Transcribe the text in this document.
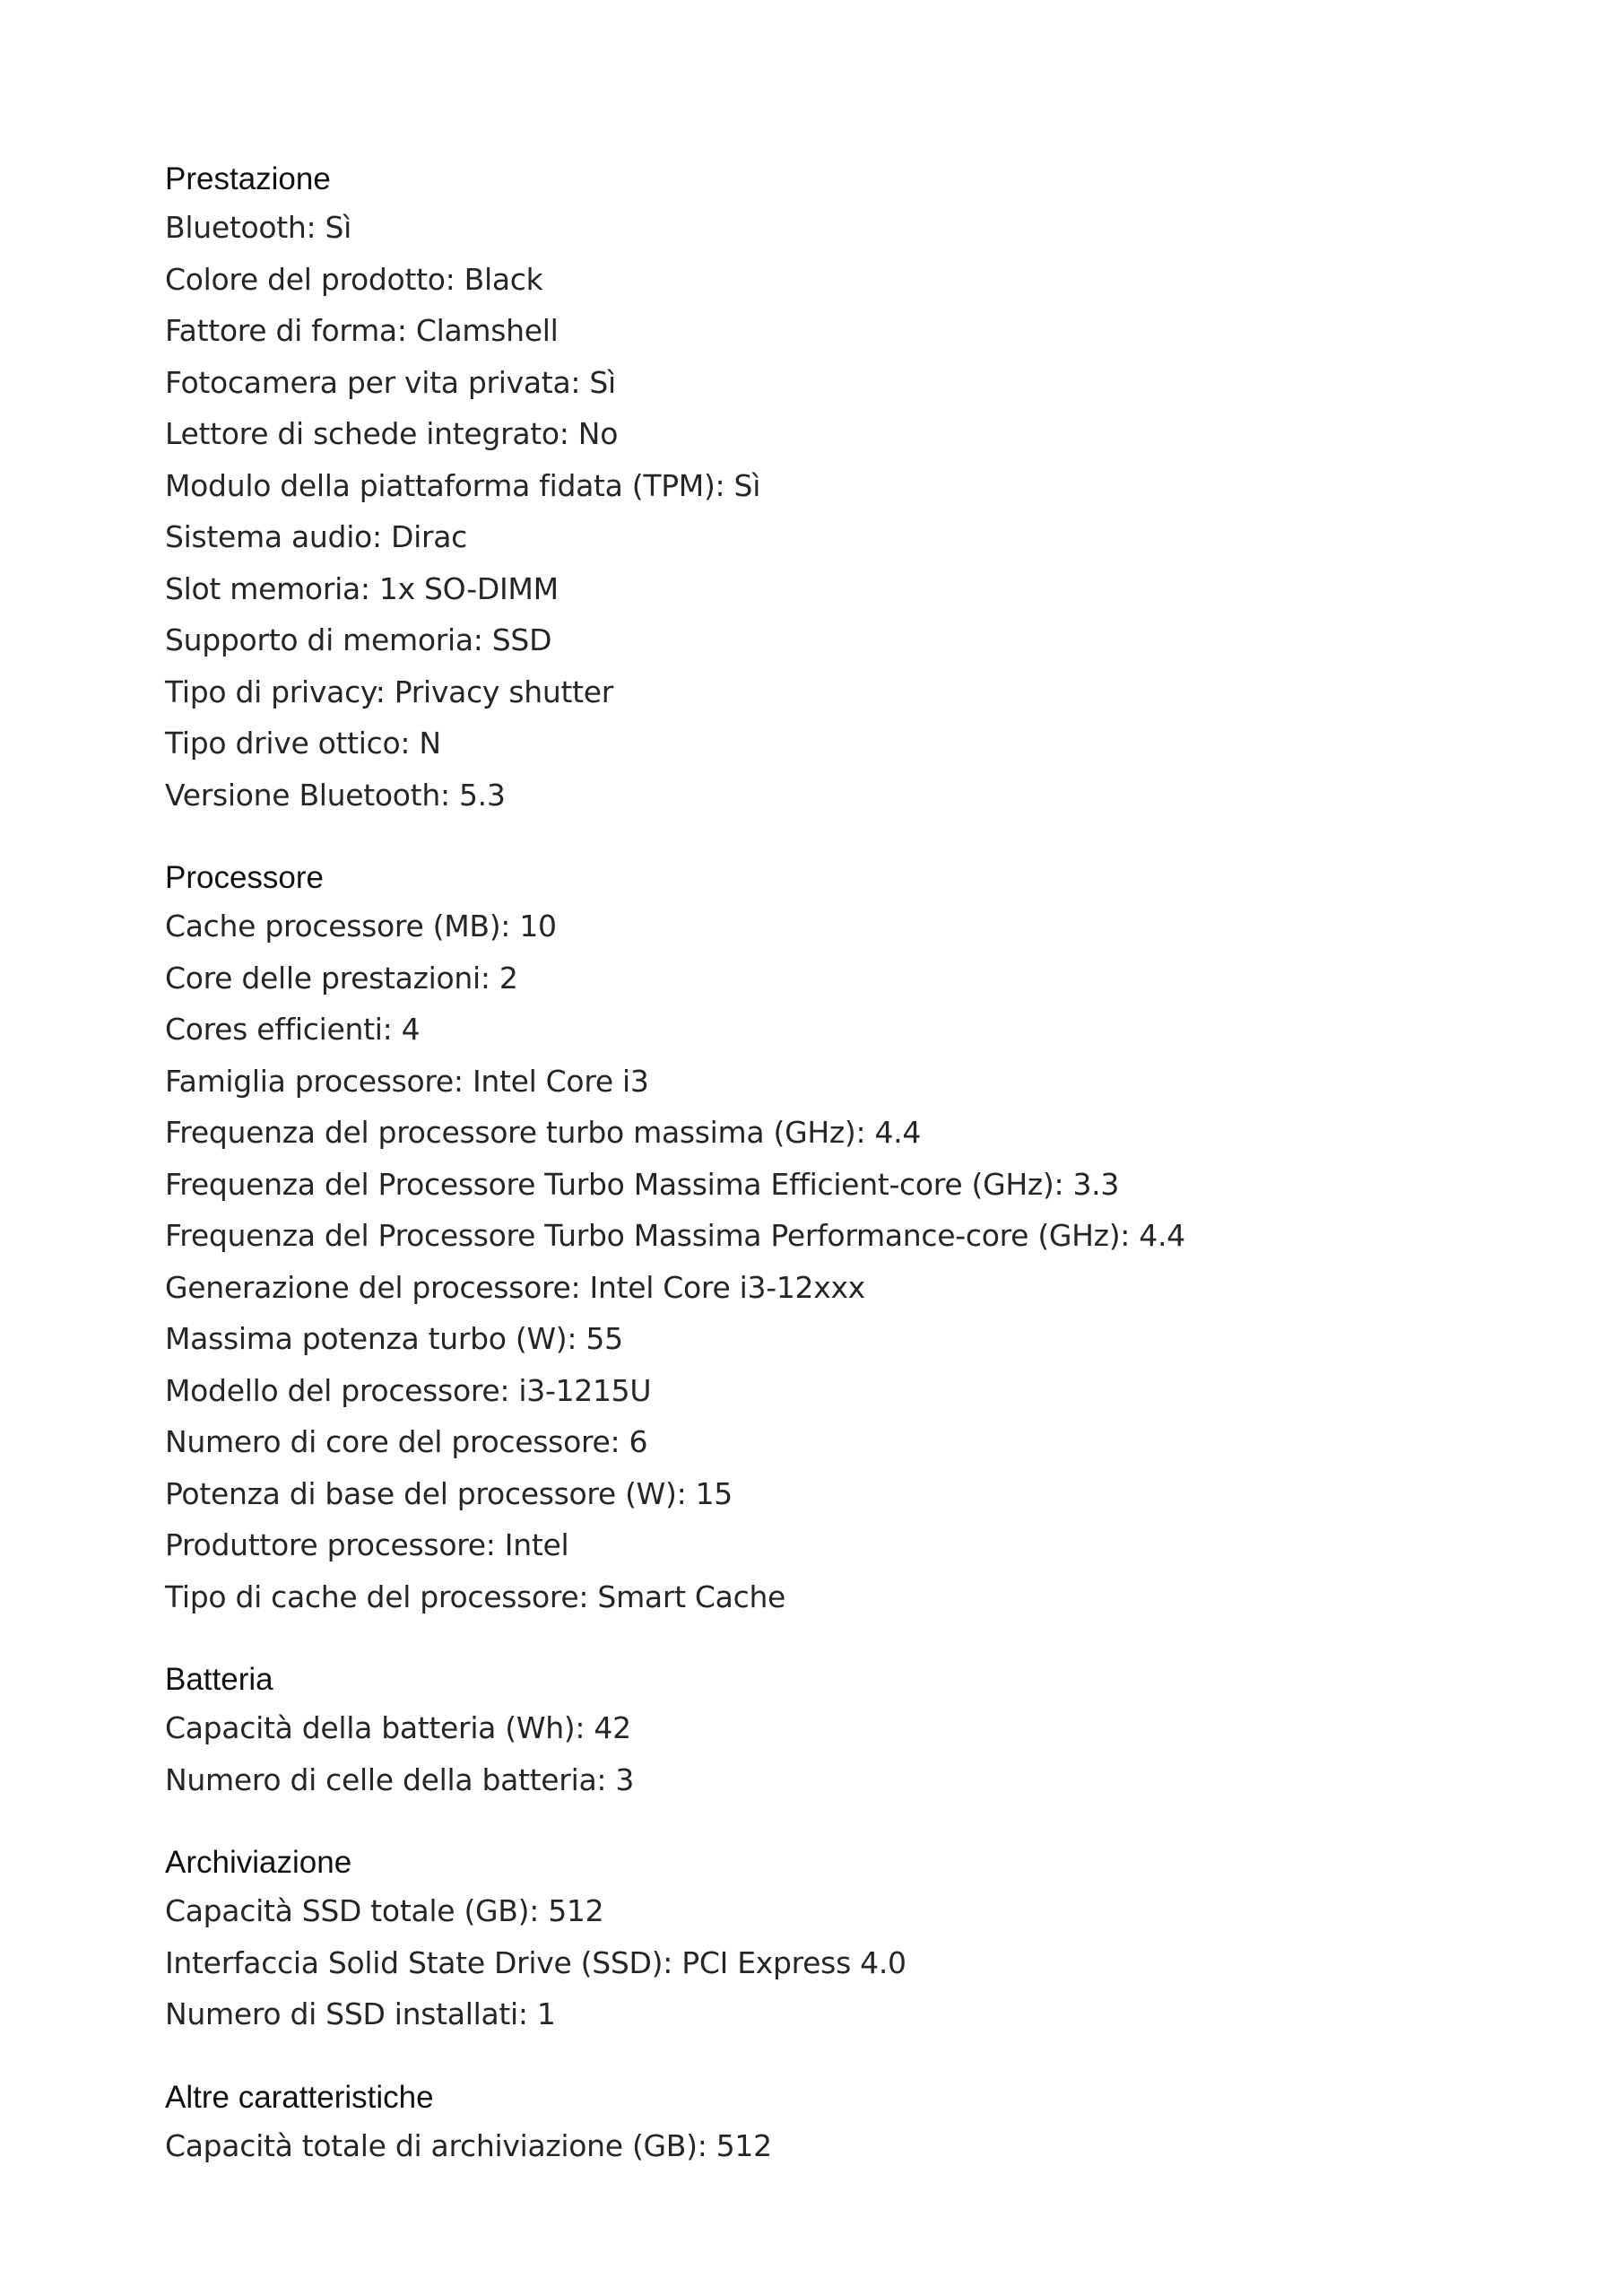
Prestazione
Bluetooth: Sì
Colore del prodotto: Black
Fattore di forma: Clamshell
Fotocamera per vita privata: Sì
Lettore di schede integrato: No
Modulo della piattaforma fidata (TPM): Sì
Sistema audio: Dirac
Slot memoria: 1x SO-DIMM
Supporto di memoria: SSD
Tipo di privacy: Privacy shutter
Tipo drive ottico: N
Versione Bluetooth: 5.3
Processore
Cache processore (MB): 10
Core delle prestazioni: 2
Cores efficienti: 4
Famiglia processore: Intel Core i3
Frequenza del processore turbo massima (GHz): 4.4
Frequenza del Processore Turbo Massima Efficient-core (GHz): 3.3
Frequenza del Processore Turbo Massima Performance-core (GHz): 4.4
Generazione del processore: Intel Core i3-12xxx
Massima potenza turbo (W): 55
Modello del processore: i3-1215U
Numero di core del processore: 6
Potenza di base del processore (W): 15
Produttore processore: Intel
Tipo di cache del processore: Smart Cache
Batteria
Capacità della batteria (Wh): 42
Numero di celle della batteria: 3
Archiviazione
Capacità SSD totale (GB): 512
Interfaccia Solid State Drive (SSD): PCI Express 4.0
Numero di SSD installati: 1
Altre caratteristiche
Capacità totale di archiviazione (GB): 512
